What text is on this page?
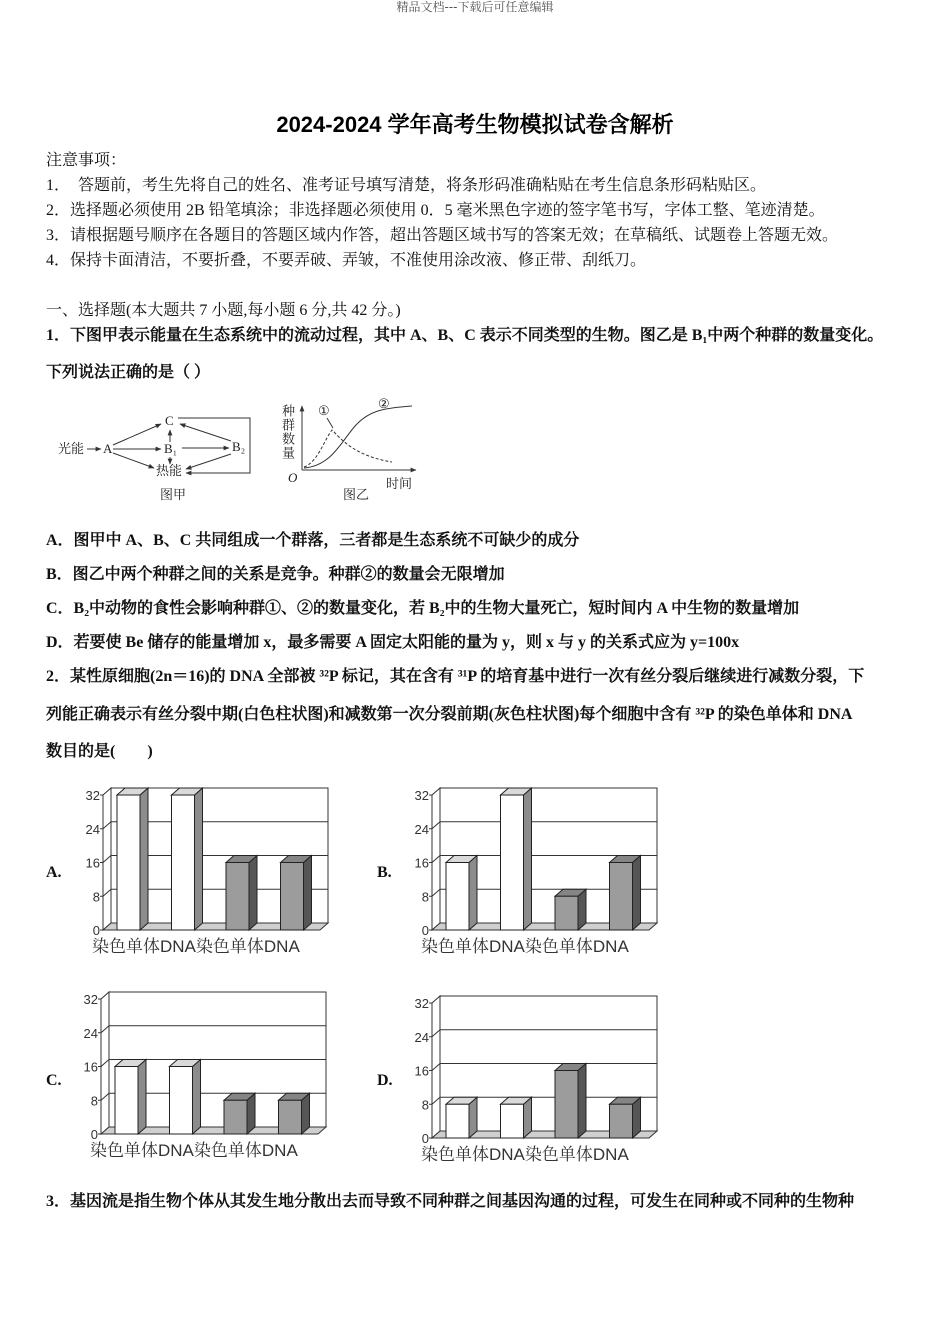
精品文档---下载后可任意编辑
2024-2024 学年高考生物模拟试卷含解析
注意事项：
1．　答题前，考生先将自己的姓名、准考证号填写清楚，将条形码准确粘贴在考生信息条形码粘贴区。
2．选择题必须使用 2B 铅笔填涂；非选择题必须使用 0．5 毫米黑色字迹的签字笔书写，字体工整、笔迹清楚。
3．请根据题号顺序在各题目的答题区域内作答，超出答题区域书写的答案无效；在草稿纸、试题卷上答题无效。
4．保持卡面清洁，不要折叠，不要弄破、弄皱，不准使用涂改液、修正带、刮纸刀。
一、选择题(本大题共 7 小题,每小题 6 分,共 42 分。)
1．下图甲表示能量在生态系统中的流动过程，其中 A、B、C 表示不同类型的生物。图乙是 B₁中两个种群的数量变化。
下列说法正确的是（ ）
光能 A
C
B₁
热能
B₂
图甲
种群数量
O	时间
①	②
图乙
A．图甲中 A、B、C 共同组成一个群落，三者都是生态系统不可缺少的成分
B．图乙中两个种群之间的关系是竞争。种群②的数量会无限增加
C．B₂中动物的食性会影响种群①、②的数量变化，若 B₂中的生物大量死亡，短时间内 A 中生物的数量增加
D．若要使 Be 储存的能量增加 x，最多需要 A 固定太阳能的量为 y，则 x 与 y 的关系式应为 y=100x
2．某性原细胞(2n＝16)的 DNA 全部被 ³²P 标记，其在含有 ³¹P 的培育基中进行一次有丝分裂后继续进行减数分裂，下
列能正确表示有丝分裂中期(白色柱状图)和减数第一次分裂前期(灰色柱状图)每个细胞中含有 ³²P 的染色单体和 DNA
数目的是(　　)
A.
0
8
16
24
32
染色单体DNA染色单体DNA
B.
0
8
16
24
32
染色单体DNA染色单体DNA
C.
0
8
16
24
32
染色单体DNA染色单体DNA
D.
0
8
16
24
32
染色单体DNA染色单体DNA
3．基因流是指生物个体从其发生地分散出去而导致不同种群之间基因沟通的过程，可发生在同种或不同种的生物种
